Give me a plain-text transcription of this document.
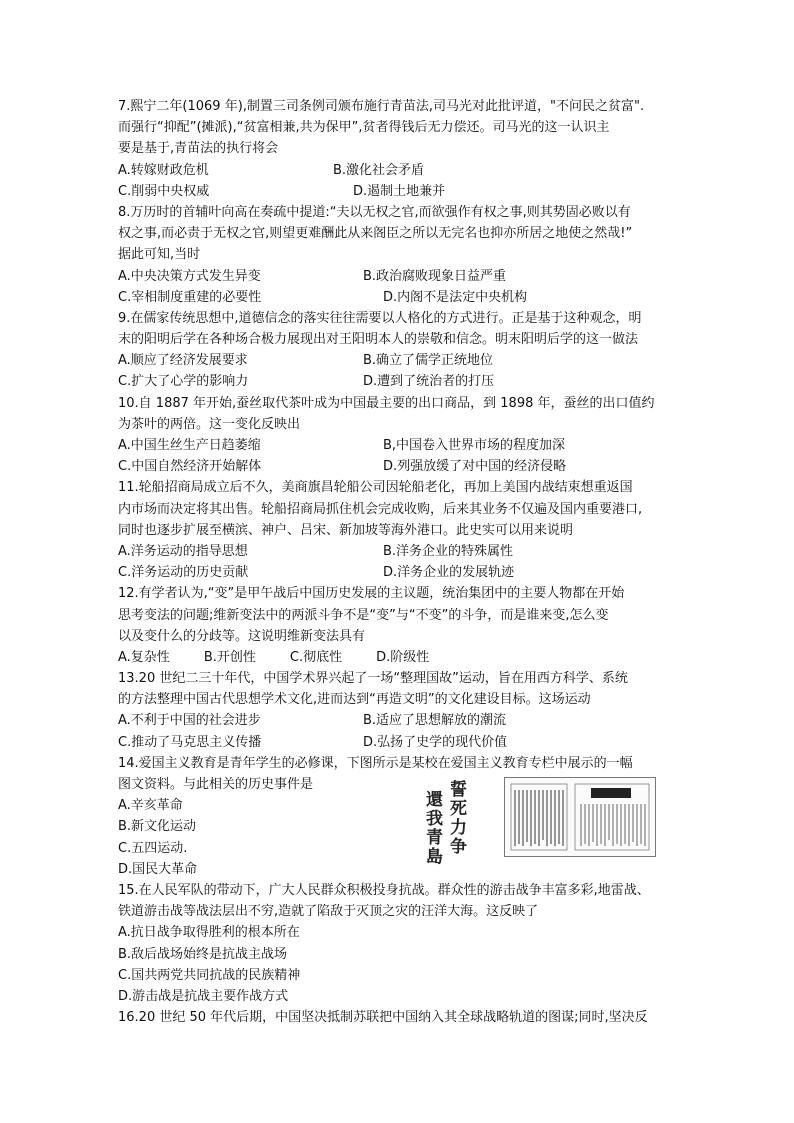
7.熙宁二年(1069 年),制置三司条例司颁布施行青苗法,司马光对此批评道，"不问民之贫富".
而强行“抑配”(摊派),“贫富相兼,共为保甲”,贫者得钱后无力偿还。司马光的这一认识主
要是基于,青苗法的执行将会
A.转嫁财政危机	B.激化社会矛盾
C.削弱中央权威	D.遏制土地兼并
8.万历时的首辅叶向高在奏疏中提道:“夫以无权之官,而欲强作有权之事,则其势固必败以有
权之事,而必责于无权之官,则望更难酬此从来阁臣之所以无完名也抑亦所居之地使之然哉!”
据此可知,当时
A.中央决策方式发生异变	B.政治腐败现象日益严重
C.宰相制度重建的必要性	D.内阁不是法定中央机构
9.在儒家传统思想中,道德信念的落实往往需要以人格化的方式进行。正是基于这种观念，明
末的阳明后学在各种场合极力展现出对王阳明本人的崇敬和信念。明末阳明后学的这一做法
A.顺应了经济发展要求	B.确立了儒学正统地位
C.扩大了心学的影响力	D.遭到了统治者的打压
10.自 1887 年开始,蚕丝取代茶叶成为中国最主要的出口商品，到 1898 年，蚕丝的出口值约
为茶叶的两倍。这一变化反映出
A.中国生丝生产日趋萎缩	B,中国卷入世界市场的程度加深
C.中国自然经济开始解体	D.列强放缓了对中国的经济侵略
11.轮船招商局成立后不久，美商旗昌轮船公司因轮船老化，再加上美国内战结束想重返国
内市场而决定将其出售。轮船招商局抓住机会完成收购，后来其业务不仅遍及国内重要港口,
同时也逐步扩展至横滨、神户、吕宋、新加坡等海外港口。此史实可以用来说明
A.洋务运动的指导思想	B.洋务企业的特殊属性
C.洋务运动的历史贡献	D.洋务企业的发展轨迹
12.有学者认为,“变”是甲午战后中国历史发展的主议题，统治集团中的主要人物都在开始
思考变法的问题;维新变法中的两派斗争不是“变”与“不变”的斗争，而是谁来变,怎么变
以及变什么的分歧等。这说明维新变法具有
A.复杂性	B.开创性	C.彻底性	D.阶级性
13.20 世纪二三十年代，中国学术界兴起了一场“整理国故”运动，旨在用西方科学、系统
的方法整理中国古代思想学术文化,进而达到“再造文明”的文化建设目标。这场运动
A.不利于中国的社会进步	B.适应了思想解放的潮流
C.推动了马克思主义传播	D.弘扬了史学的现代价值
14.爱国主义教育是青年学生的必修课，下图所示是某校在爱国主义教育专栏中展示的一幅
图文资料。与此相关的历史事件是
A.辛亥革命
B.新文化运动
C.五四运动.
D.国民大革命
誓
死
力
争
還
我
青
島
15.在人民军队的带动下，广大人民群众积极投身抗战。群众性的游击战争丰富多彩,地雷战、
铁道游击战等战法层出不穷,造就了陷敌于灭顶之灾的汪洋大海。这反映了
A.抗日战争取得胜利的根本所在
B.敌后战场始终是抗战主战场
C.国共两党共同抗战的民族精神
D.游击战是抗战主要作战方式
16.20 世纪 50 年代后期，中国坚决抵制苏联把中国纳入其全球战略轨道的图谋;同时,坚决反
